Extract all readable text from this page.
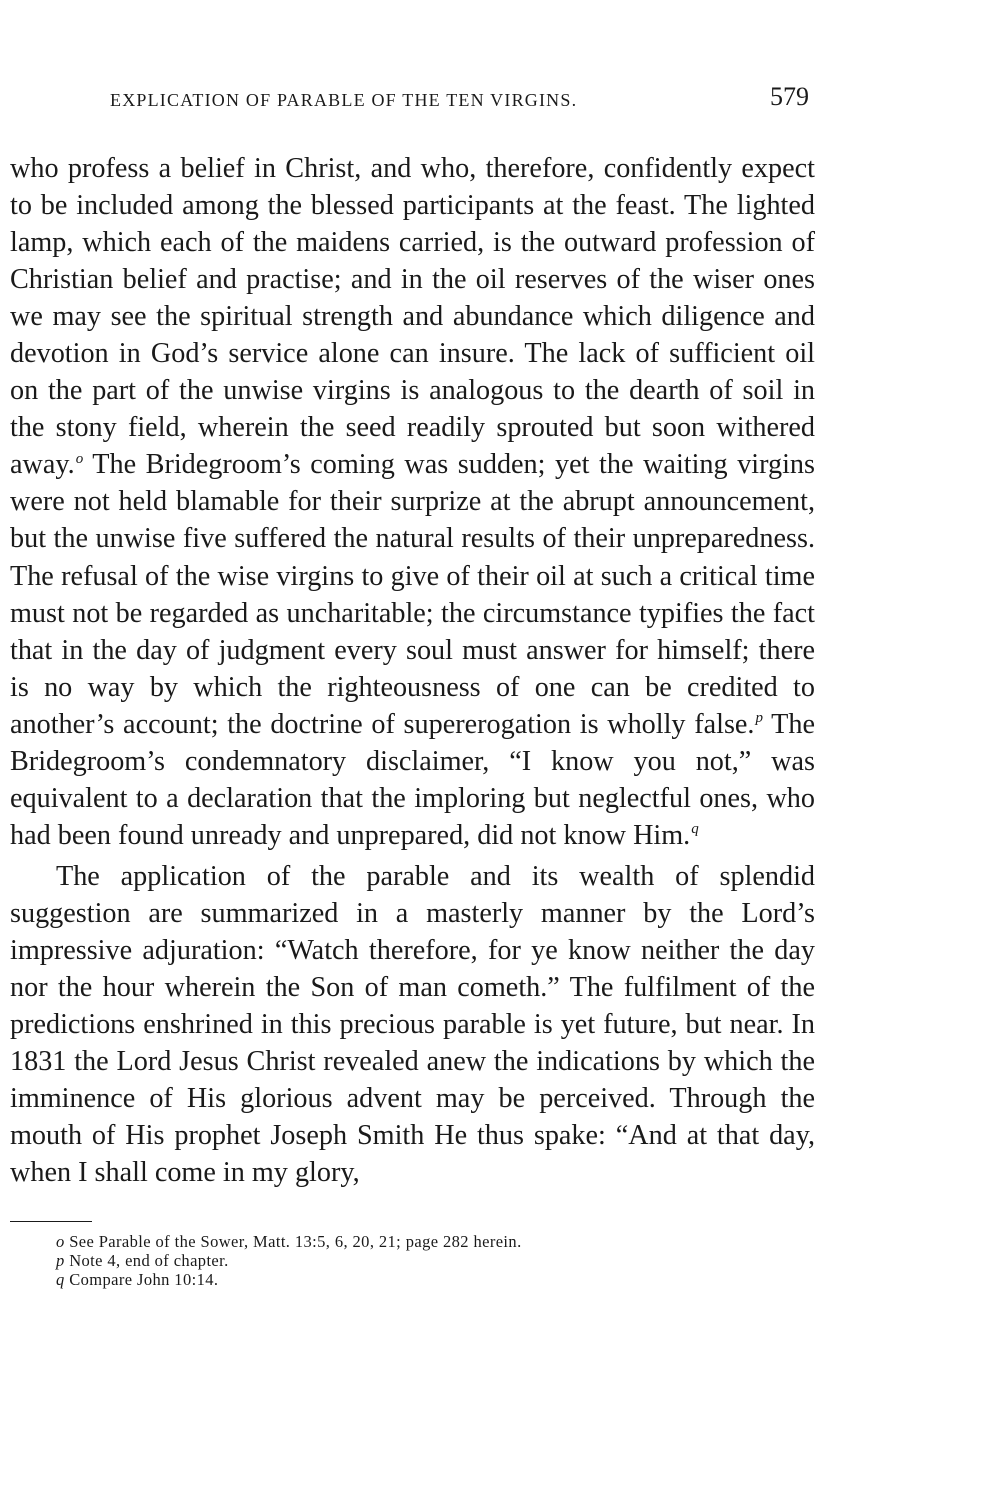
EXPLICATION OF PARABLE OF THE TEN VIRGINS.	579

who profess a belief in Christ, and who, therefore, confidently expect to be included among the blessed participants at the feast. The lighted lamp, which each of the maidens carried, is the outward profession of Christian belief and practise; and in the oil reserves of the wiser ones we may see the spiritual strength and abundance which diligence and devotion in God’s service alone can insure. The lack of sufficient oil on the part of the unwise virgins is analogous to the dearth of soil in the stony field, wherein the seed readily sprouted but soon withered away.$^o$ The Bridegroom’s coming was sudden; yet the waiting virgins were not held blamable for their surprize at the abrupt announcement, but the unwise five suffered the natural results of their unpreparedness. The refusal of the wise virgins to give of their oil at such a critical time must not be regarded as uncharitable; the circumstance typifies the fact that in the day of judgment every soul must answer for himself; there is no way by which the righteousness of one can be credited to another’s account; the doctrine of supererogation is wholly false.$^p$ The Bridegroom’s condemnatory disclaimer, “I know you not,” was equivalent to a declaration that the imploring but neglectful ones, who had been found unready and unprepared, did not know Him.$^q$

The application of the parable and its wealth of splendid suggestion are summarized in a masterly manner by the Lord’s impressive adjuration: “Watch therefore, for ye know neither the day nor the hour wherein the Son of man cometh.” The fulfilment of the predictions enshrined in this precious parable is yet future, but near. In 1831 the Lord Jesus Christ revealed anew the indications by which the imminence of His glorious advent may be perceived. Through the mouth of His prophet Joseph Smith He thus spake: “And at that day, when I shall come in my glory,

o See Parable of the Sower, Matt. 13:5, 6, 20, 21; page 282 herein.
p Note 4, end of chapter.
q Compare John 10:14.
